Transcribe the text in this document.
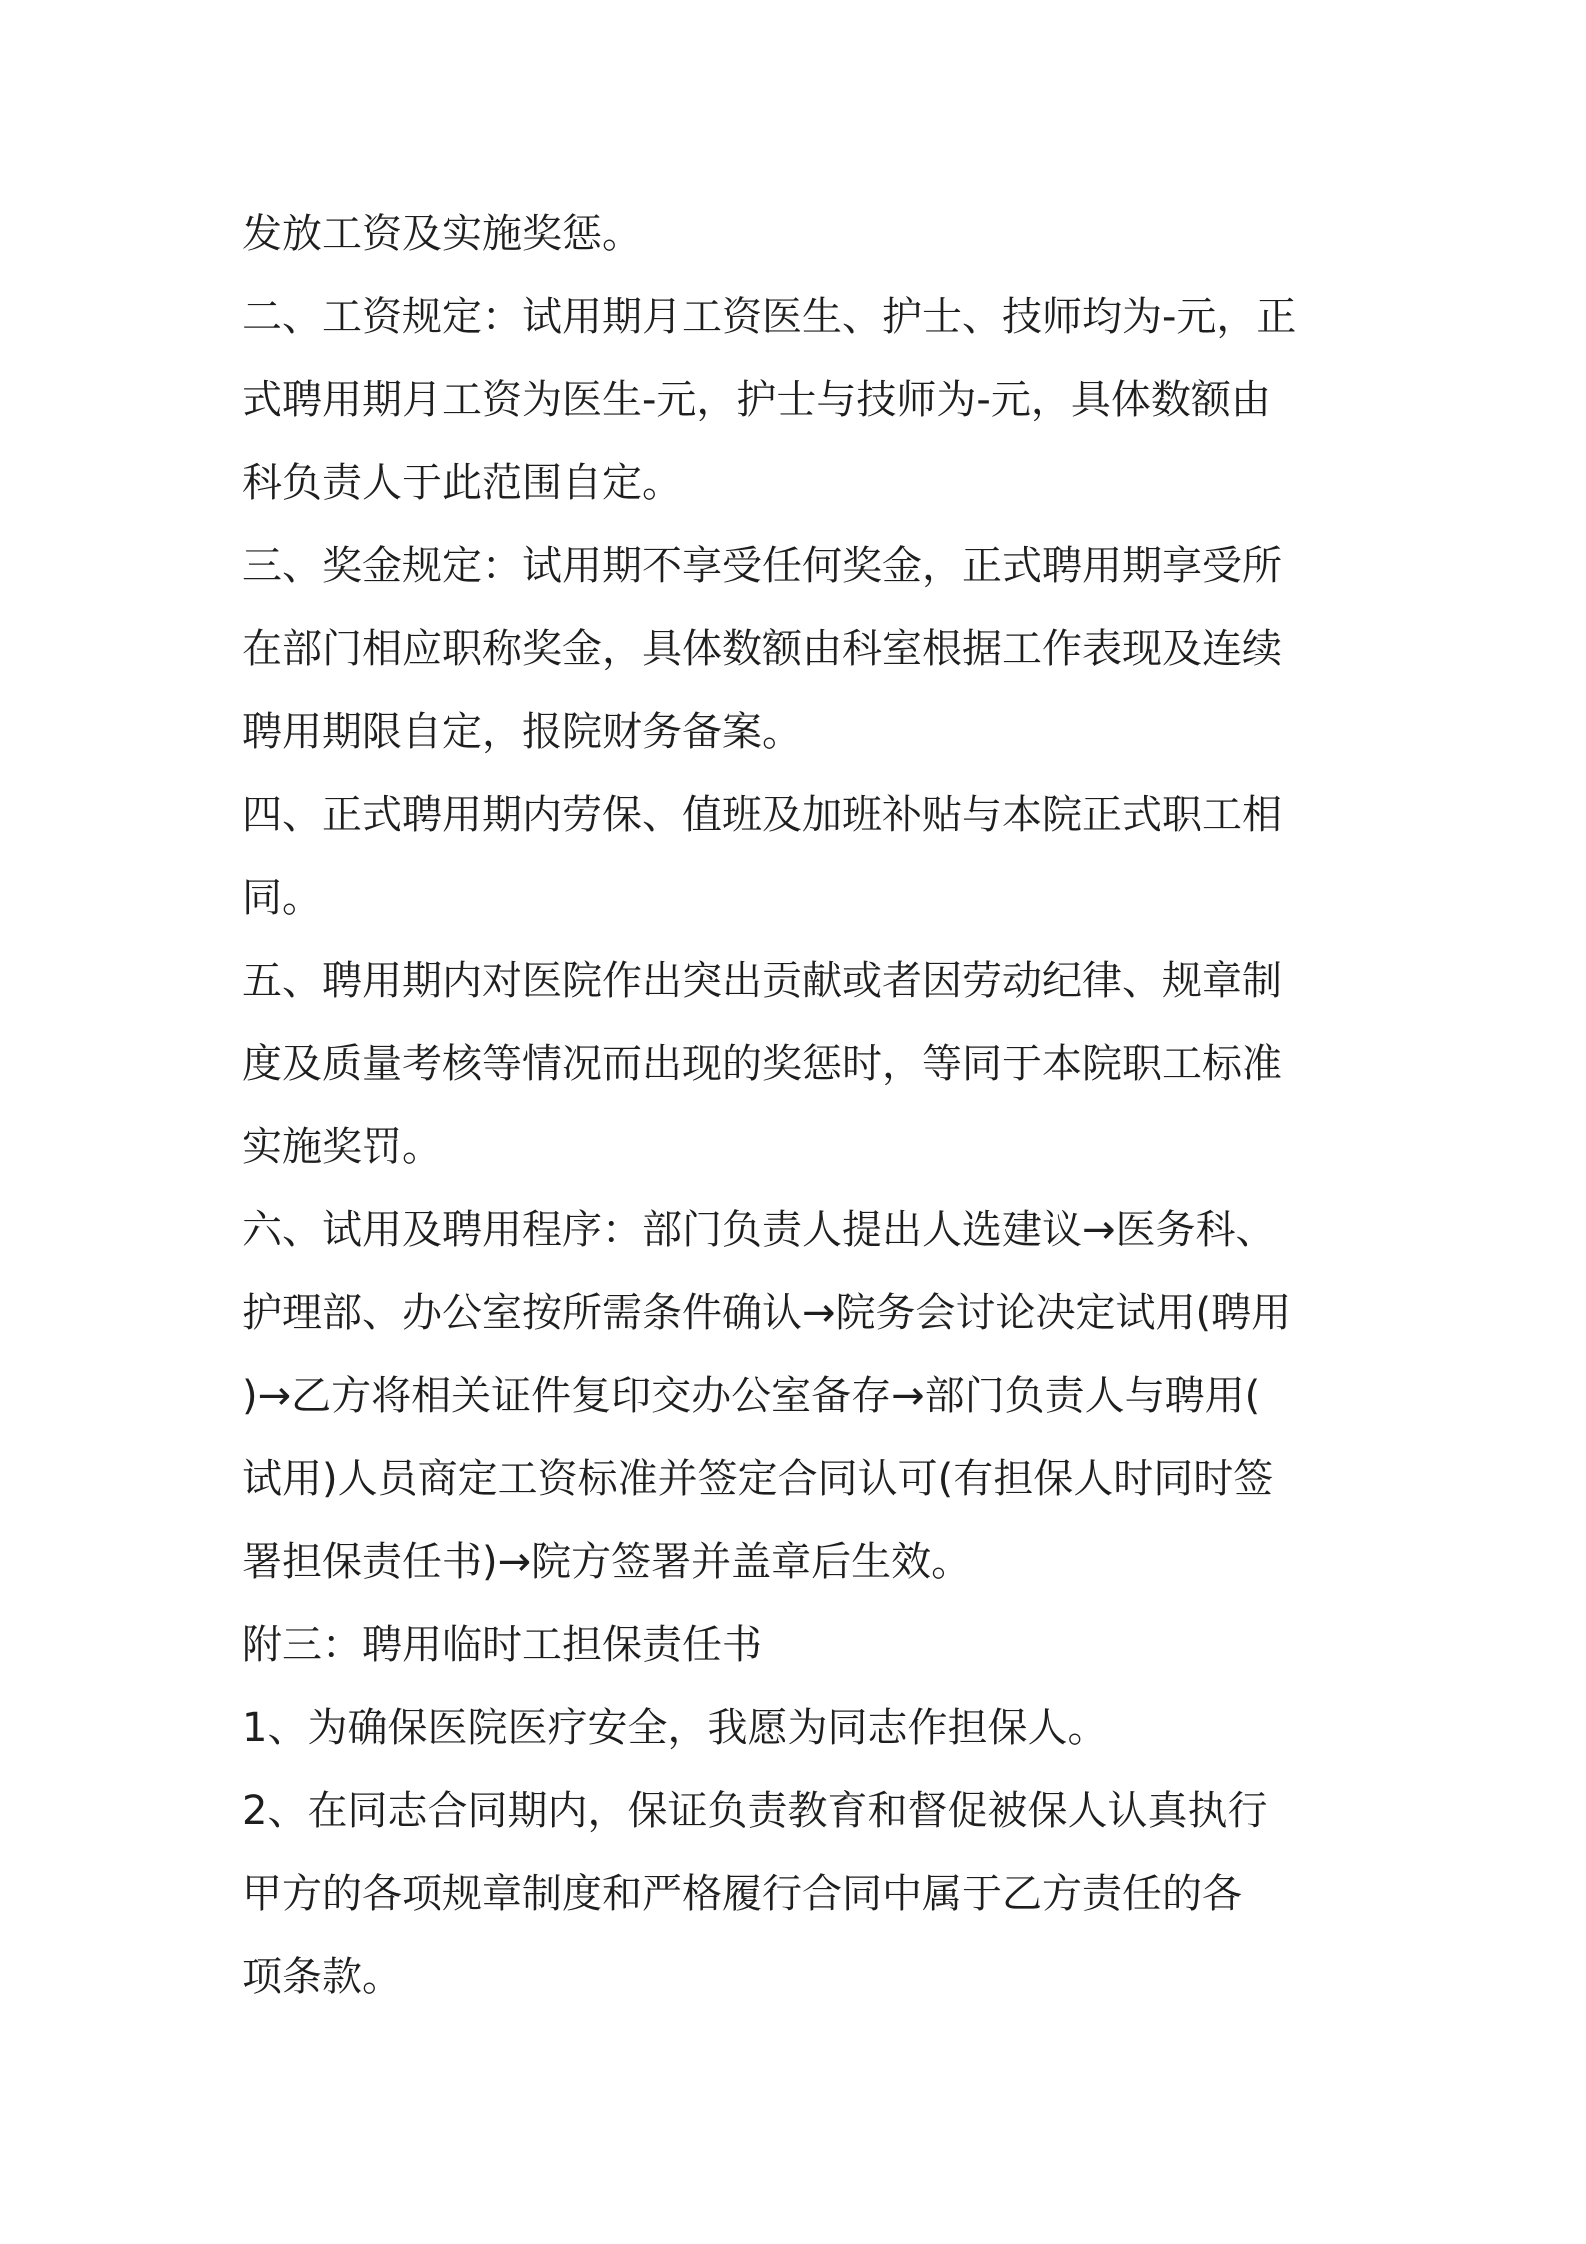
发放工资及实施奖惩。
二、工资规定：试用期月工资医生、护士、技师均为-元，正
式聘用期月工资为医生-元，护士与技师为-元，具体数额由
科负责人于此范围自定。
三、奖金规定：试用期不享受任何奖金，正式聘用期享受所
在部门相应职称奖金，具体数额由科室根据工作表现及连续
聘用期限自定，报院财务备案。
四、正式聘用期内劳保、值班及加班补贴与本院正式职工相
同。
五、聘用期内对医院作出突出贡献或者因劳动纪律、规章制
度及质量考核等情况而出现的奖惩时，等同于本院职工标准
实施奖罚。
六、试用及聘用程序：部门负责人提出人选建议→医务科、
护理部、办公室按所需条件确认→院务会讨论决定试用(聘用
)→乙方将相关证件复印交办公室备存→部门负责人与聘用(
试用)人员商定工资标准并签定合同认可(有担保人时同时签
署担保责任书)→院方签署并盖章后生效。
附三：聘用临时工担保责任书
1、为确保医院医疗安全，我愿为同志作担保人。
2、在同志合同期内，保证负责教育和督促被保人认真执行
甲方的各项规章制度和严格履行合同中属于乙方责任的各
项条款。
